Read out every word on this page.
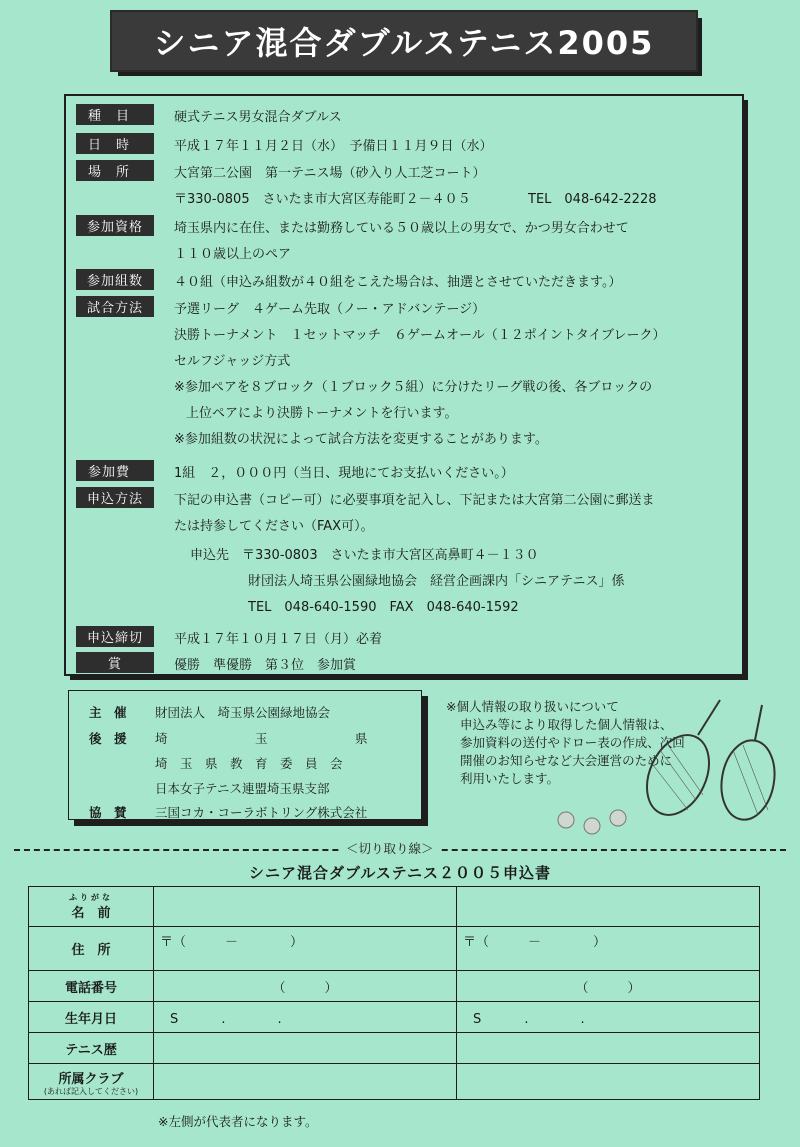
シニア混合ダブルステニス2005
種　目	硬式テニス男女混合ダブルス
日　時	平成１７年１１月２日（水）　予備日１１月９日（水）
場　所	大宮第二公園　第一テニス場（砂入り人工芝コート）
〒330-0805　さいたま市大宮区寿能町２－４０５	TEL　048-642-2228
参加資格	埼玉県内に在住、または勤務している５０歳以上の男女で、かつ男女合わせて
１１０歳以上のペア
参加組数	４０組（申込み組数が４０組をこえた場合は、抽選とさせていただきます。）
試合方法	予選リーグ　４ゲーム先取（ノー・アドバンテージ）
決勝トーナメント　１セットマッチ　６ゲームオール（１２ポイントタイブレーク）
セルフジャッジ方式
※参加ペアを８ブロック（１ブロック５組）に分けたリーグ戦の後、各ブロックの
上位ペアにより決勝トーナメントを行います。
※参加組数の状況によって試合方法を変更することがあります。
参加費	1組　２，０００円（当日、現地にてお支払いください。）
申込方法	下記の申込書（コピー可）に必要事項を記入し、下記または大宮第二公園に郵送ま
たは持参してください（FAX可）。
申込先　〒330-0803　さいたま市大宮区高鼻町４－１３０
財団法人埼玉県公園緑地協会　経営企画課内「シニアテニス」係
TEL　048-640-1590　FAX　048-640-1592
申込締切	平成１７年１０月１７日（月）必着
賞	優勝　準優勝　第３位　参加賞
主　催 財団法人　埼玉県公園緑地協会
後　援 埼　　　　　　　玉　　　　　　　県
埼　玉　県　教　育　委　員　会
日本女子テニス連盟埼玉県支部
協　賛 三国コカ・コーラボトリング株式会社
※個人情報の取り扱いについて
申込み等により取得した個人情報は、
参加資料の送付やドロー表の作成、次回
開催のお知らせなど大会運営のために
利用いたします。
＜切り取り線＞
シニア混合ダブルステニス２００５申込書
ふりがな
名　前		
住　所	〒（　　　－　　　　）	〒（　　　－　　　　）
電話番号	（　　　）	（　　　）
生年月日	S　　　 .　　　　.	S　　　 .　　　　.
テニス歴		
所属クラブ
(あれば記入してください)		

※左側が代表者になります。
